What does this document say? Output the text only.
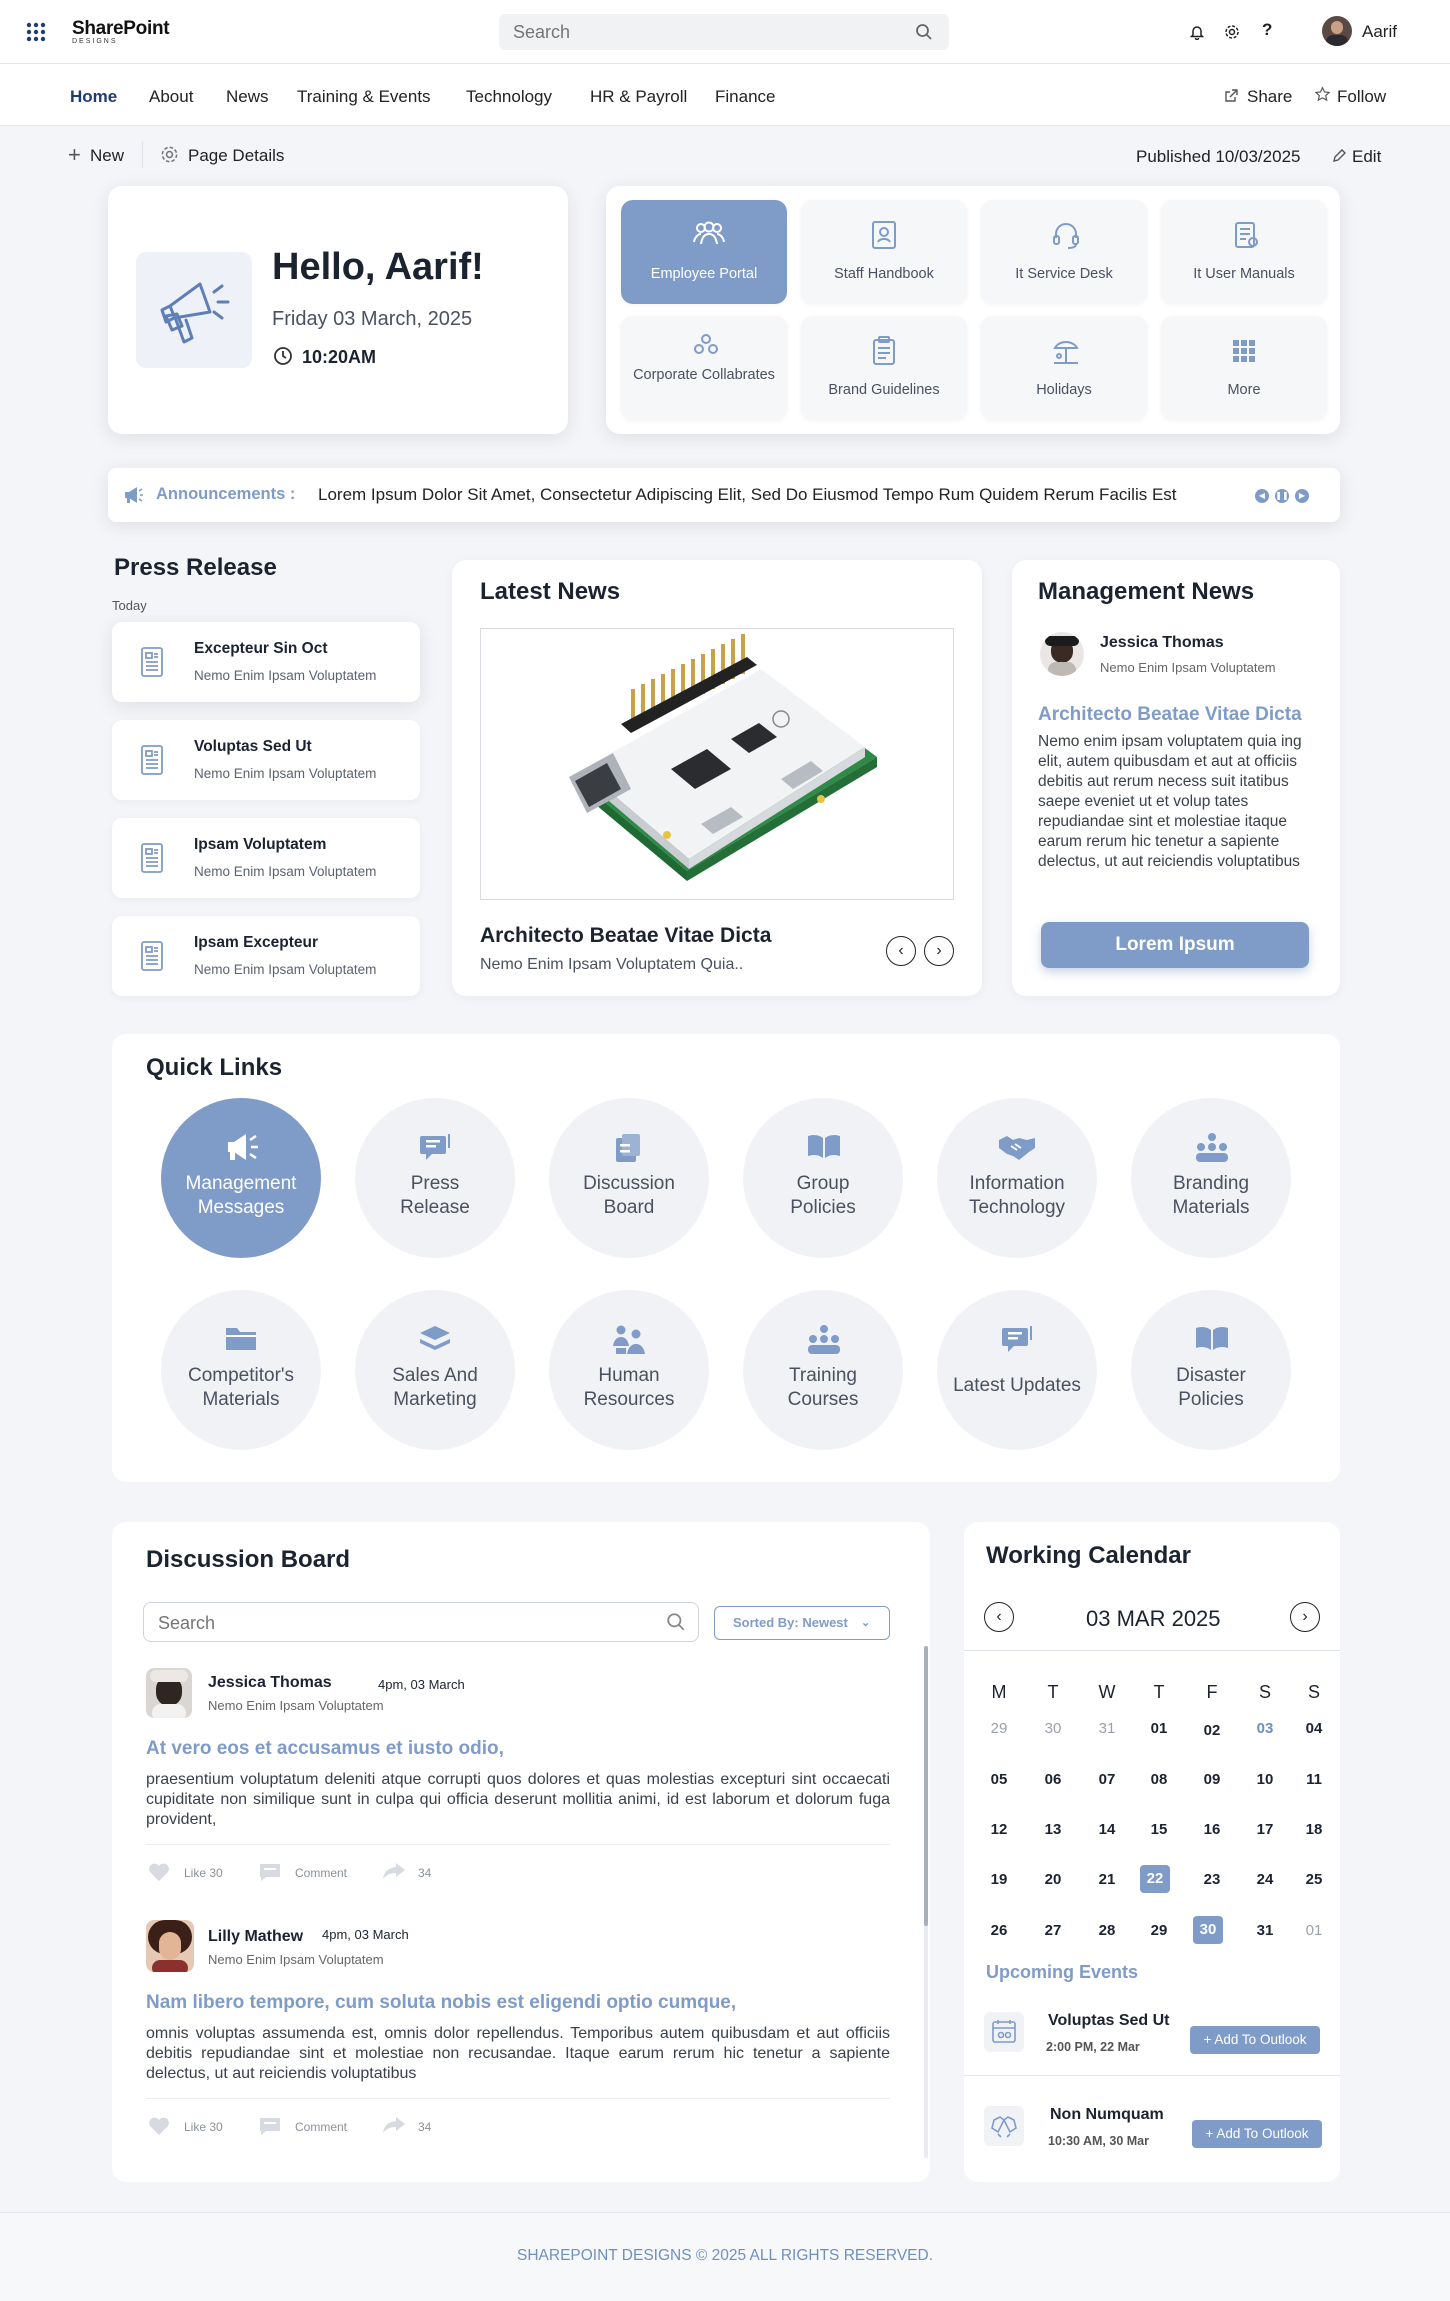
SharePoint
DESIGNS
Search
?	Aarif
Home About News Training & Events Technology HR & Payroll Finance	Share	Follow
+ New	Page Details	Published 10/03/2025	Edit
Hello, Aarif!
Friday 03 March, 2025
10:20AM
Employee Portal	Staff Handbook	It Service Desk	It User Manuals
Corporate Collabrates
Brand Guidelines	Holidays	More
Announcements : Lorem Ipsum Dolor Sit Amet, Consectetur Adipiscing Elit, Sed Do Eiusmod Tempo Rum Quidem Rerum Facilis Est	◀	❚❚	▶
Press Release
Today
Excepteur Sin Oct
Nemo Enim Ipsam Voluptatem
Voluptas Sed Ut
Nemo Enim Ipsam Voluptatem
Ipsam Voluptatem
Nemo Enim Ipsam Voluptatem
Ipsam Excepteur
Nemo Enim Ipsam Voluptatem
Latest News
Architecto Beatae Vitae Dicta
Nemo Enim Ipsam Voluptatem Quia..
‹	›
Management News
Jessica Thomas
Nemo Enim Ipsam Voluptatem
Architecto Beatae Vitae Dicta
Nemo enim ipsam voluptatem quia ing elit, autem quibusdam et aut at officiis debitis aut rerum necess suit itatibus saepe eveniet ut et volup tates repudiandae sint et molestiae itaque earum rerum hic tenetur a sapiente delectus, ut aut reiciendis voluptatibus
Lorem Ipsum
Quick Links
Management
Messages
Press
Release
Discussion
Board
Group
Policies
Information
Technology
Branding
Materials
Competitor's
Materials
Sales And
Marketing
Human
Resources
Training
Courses
Latest Updates	Disaster
Policies
Discussion Board
Search
Sorted By: Newest ⌄
Jessica Thomas	4pm, 03 March
Nemo Enim Ipsam Voluptatem
At vero eos et accusamus et iusto odio,
praesentium voluptatum deleniti atque corrupti quos dolores et quas molestias excepturi sint occaecati cupiditate non similique sunt in culpa qui officia deserunt mollitia animi, id est laborum et dolorum fuga provident,
Like 30	Comment	34
Lilly Mathew 4pm, 03 March
Nemo Enim Ipsam Voluptatem
Nam libero tempore, cum soluta nobis est eligendi optio cumque,
omnis voluptas assumenda est, omnis dolor repellendus. Temporibus autem quibusdam et aut officiis debitis repudiandae sint et molestiae non recusandae. Itaque earum rerum hic tenetur a sapiente delectus, ut aut reiciendis voluptatibus
Like 30	Comment	34
Working Calendar
‹	03 MAR 2025	›
M	T	W	T	F	S	S
29	30	31	01	02	03	04
05	06	07	08	09	10	11
12	13	14	15	16	17	18
19	20	21	22	23	24	25
26	27	28	29	30	31	01
Upcoming Events
Voluptas Sed Ut
2:00 PM, 22 Mar	+ Add To Outlook
Non Numquam
10:30 AM, 30 Mar	+ Add To Outlook
SHAREPOINT DESIGNS © 2025 ALL RIGHTS RESERVED.
